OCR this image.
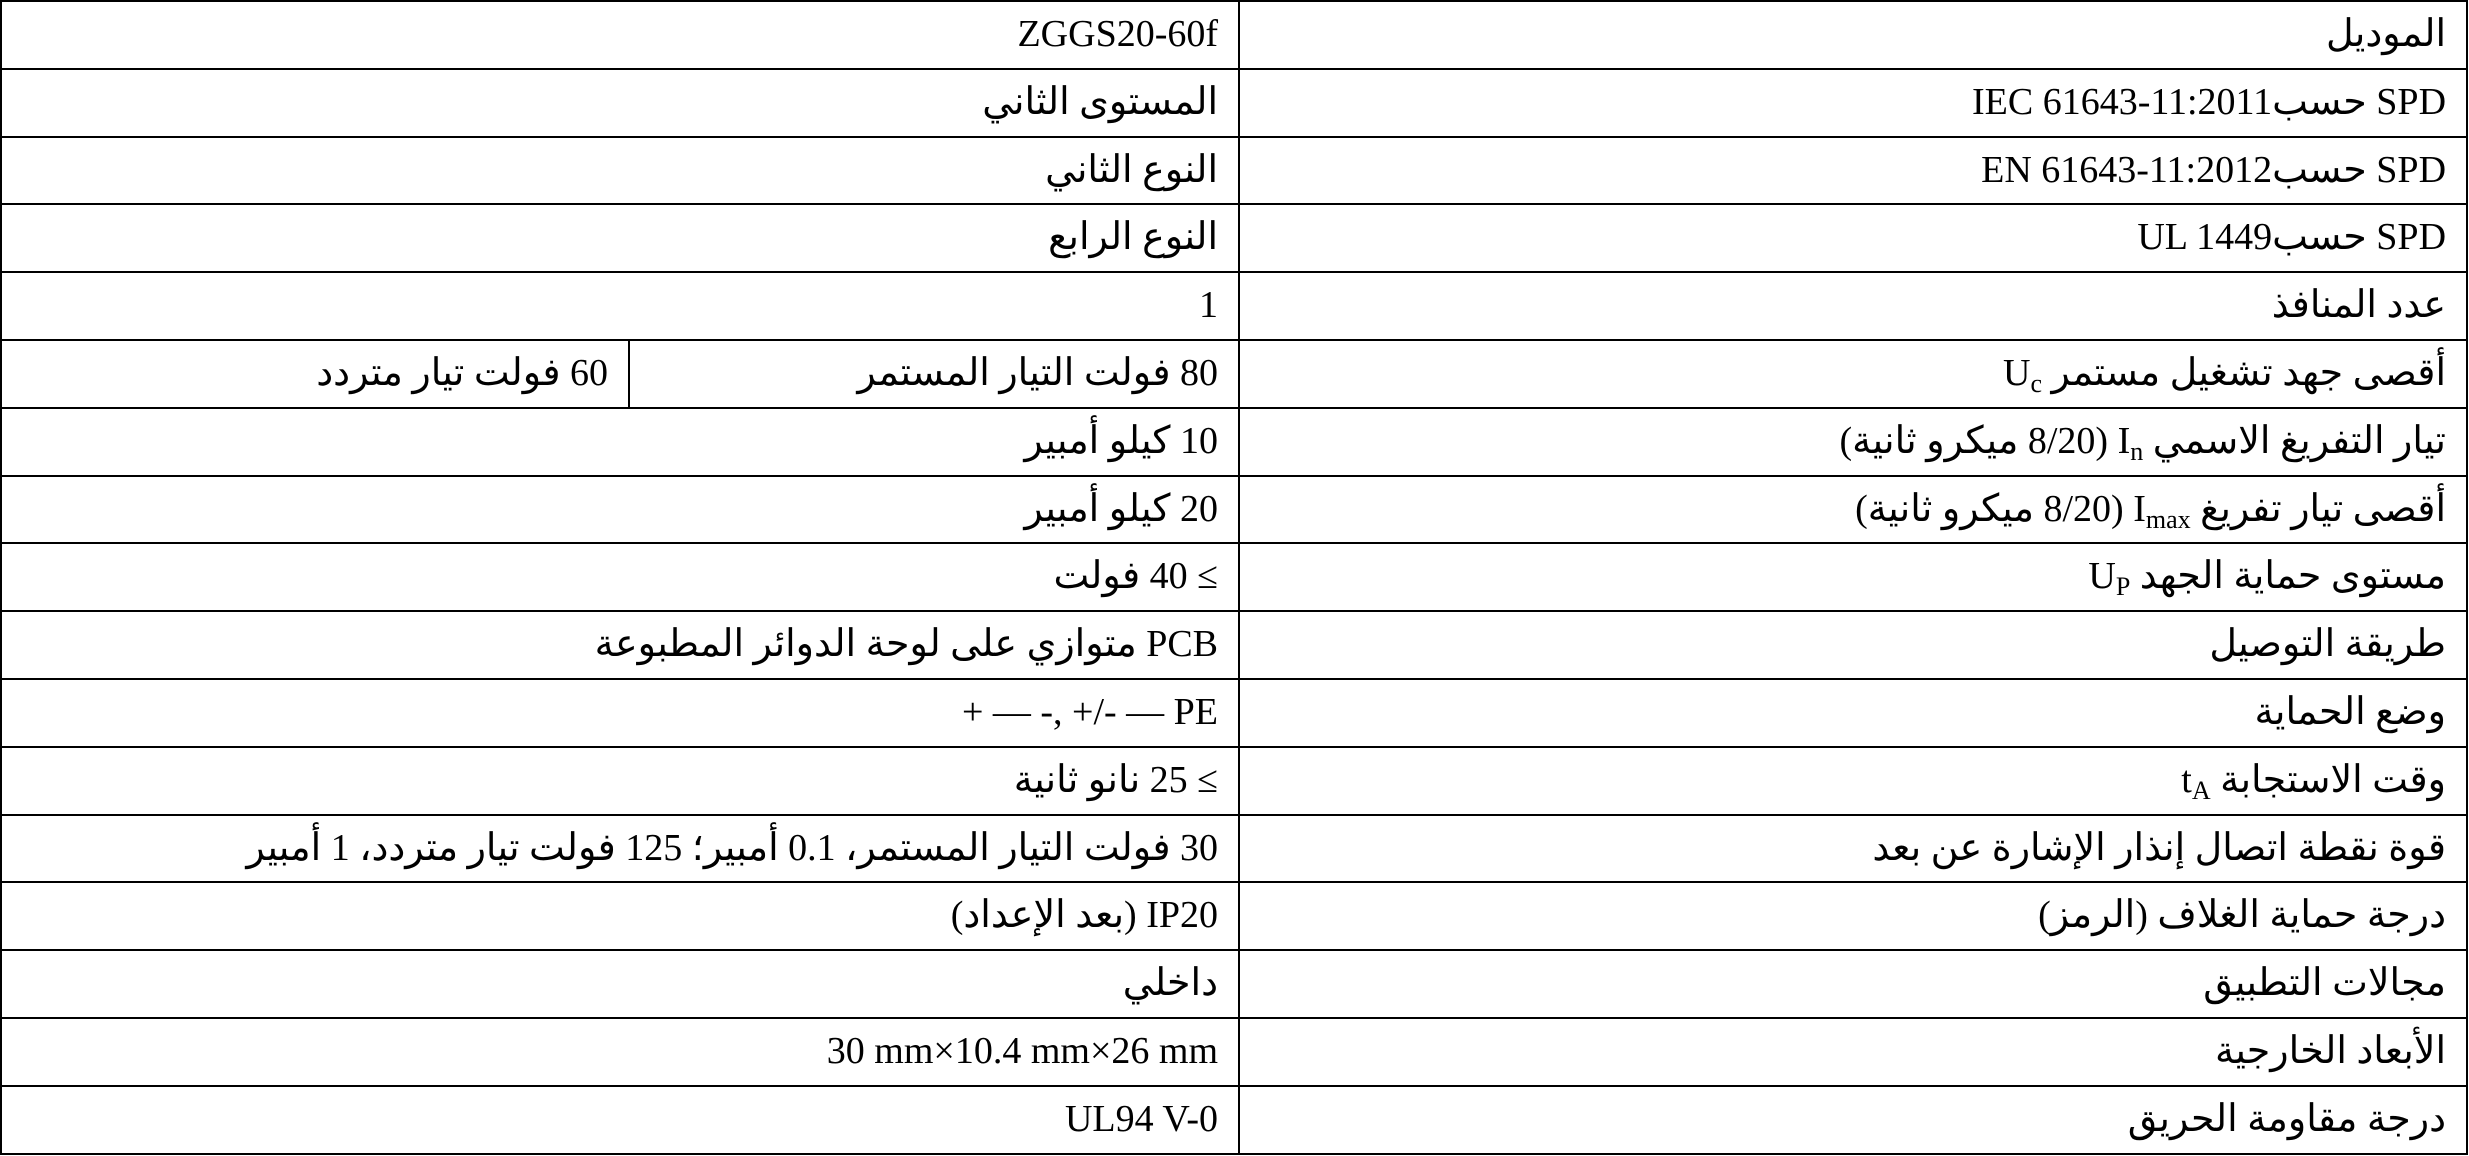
الموديل	ZGGS20-60f	
SPD حسبIEC 61643-11:2011	المستوى الثاني	
SPD حسبEN 61643-11:2012	النوع الثاني	
SPD حسبUL 1449	النوع الرابع	
عدد المنافذ	1	
أقصى جهد تشغيل مستمر $U_c$	80 فولت التيار المستمر	60 فولت تيار متردد
تيار التفريغ الاسمي $I_n$ (8/20 ميكرو ثانية)	10 كيلو أمبير	
أقصى تيار تفريغ $I_{max}$ (8/20 ميكرو ثانية)	20 كيلو أمبير	
مستوى حماية الجهد $U_P$	≥ 40 فولت	
طريقة التوصيل	PCB متوازي على لوحة الدوائر المطبوعة	
وضع الحماية	+ — -, +/- — PE	
وقت الاستجابة $t_A$	≥ 25 نانو ثانية	
قوة نقطة اتصال إنذار الإشارة عن بعد	30 فولت التيار المستمر، 0.1 أمبير؛ 125 فولت تيار متردد، 1 أمبير	
درجة حماية الغلاف (الرمز)	IP20 (بعد الإعداد)	
مجالات التطبيق	داخلي	
الأبعاد الخارجية	30 mm×10.4 mm×26 mm	
درجة مقاومة الحريق	UL94 V-0	
